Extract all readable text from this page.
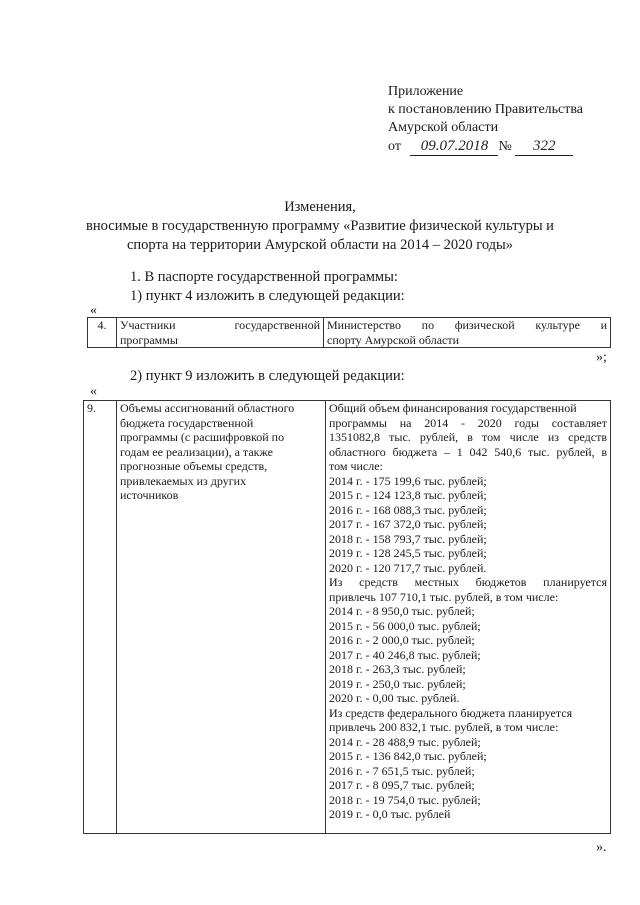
Приложение
к постановлению Правительства
Амурской области
от 09.07.2018 № 322
Изменения,
вносимые в государственную программу «Развитие физической культуры и
спорта на территории Амурской области на 2014 – 2020 годы»
1. В паспорте государственной программы:
1) пункт 4 изложить в следующей редакции:
«
4.	Участники государственной
программы

Министерство по физической культуре и
спорту Амурской области
»;
2) пункт 9 изложить в следующей редакции:
«
9.	Объемы ассигнований областного
бюджета государственной
программы (с расшифровкой по
годам ее реализации), а также
прогнозные объемы средств,
привлекаемых из других
источников

Общий объем финансирования государственной
программы на 2014 - 2020 годы составляет
1351082,8 тыс. рублей, в том числе из средств
областного бюджета – 1 042 540,6 тыс. рублей, в
том числе:
2014 г. - 175 199,6 тыс. рублей;
2015 г. - 124 123,8 тыс. рублей;
2016 г. - 168 088,3 тыс. рублей;
2017 г. - 167 372,0 тыс. рублей;
2018 г. - 158 793,7 тыс. рублей;
2019 г. - 128 245,5 тыс. рублей;
2020 г. - 120 717,7 тыс. рублей.
Из средств местных бюджетов планируется
привлечь 107 710,1 тыс. рублей, в том числе:
2014 г. - 8 950,0 тыс. рублей;
2015 г. - 56 000,0 тыс. рублей;
2016 г. - 2 000,0 тыс. рублей;
2017 г. - 40 246,8 тыс. рублей;
2018 г. - 263,3 тыс. рублей;
2019 г. - 250,0 тыс. рублей;
2020 г. - 0,00 тыс. рублей.
Из средств федерального бюджета планируется
привлечь 200 832,1 тыс. рублей, в том числе:
2014 г. - 28 488,9 тыс. рублей;
2015 г. - 136 842,0 тыс. рублей;
2016 г. - 7 651,5 тыс. рублей;
2017 г. - 8 095,7 тыс. рублей;
2018 г. - 19 754,0 тыс. рублей;
2019 г. - 0,0 тыс. рублей
».
